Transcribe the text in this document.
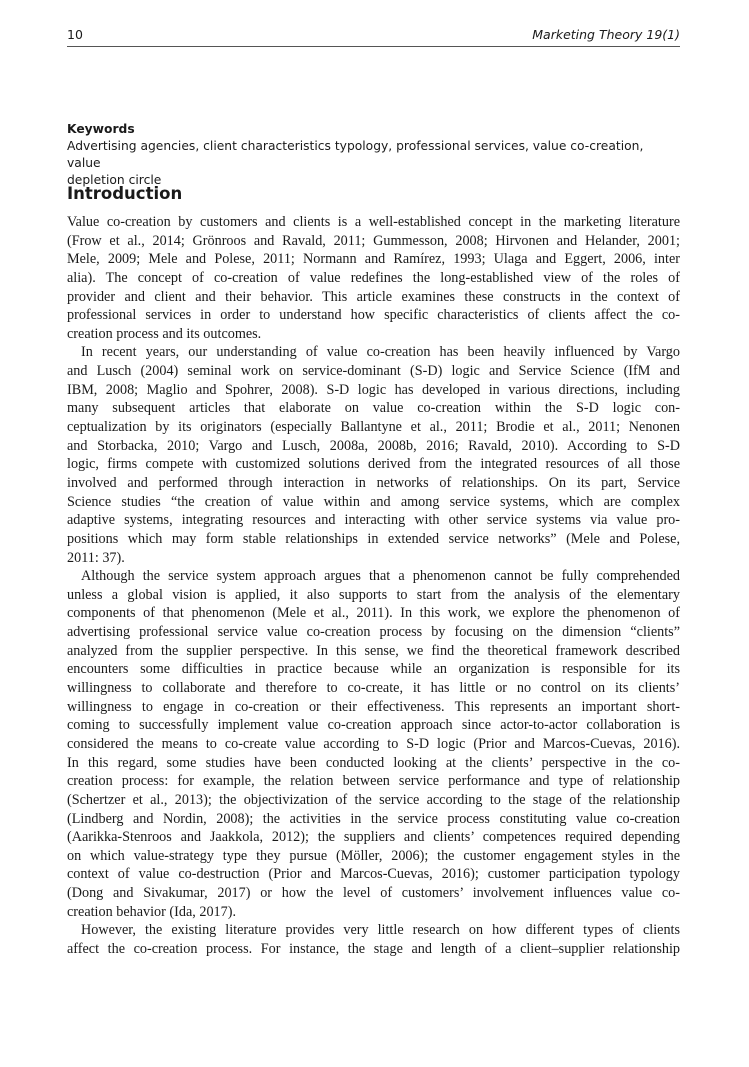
10	Marketing Theory 19(1)
Keywords
Advertising agencies, client characteristics typology, professional services, value co-creation, value
depletion circle
Introduction
Value co-creation by customers and clients is a well-established concept in the marketing literature
(Frow et al., 2014; Grönroos and Ravald, 2011; Gummesson, 2008; Hirvonen and Helander, 2001;
Mele, 2009; Mele and Polese, 2011; Normann and Ramírez, 1993; Ulaga and Eggert, 2006, inter
alia). The concept of co-creation of value redefines the long-established view of the roles of
provider and client and their behavior. This article examines these constructs in the context of
professional services in order to understand how specific characteristics of clients affect the co-
creation process and its outcomes.
In recent years, our understanding of value co-creation has been heavily influenced by Vargo
and Lusch (2004) seminal work on service-dominant (S-D) logic and Service Science (IfM and
IBM, 2008; Maglio and Spohrer, 2008). S-D logic has developed in various directions, including
many subsequent articles that elaborate on value co-creation within the S-D logic con-
ceptualization by its originators (especially Ballantyne et al., 2011; Brodie et al., 2011; Nenonen
and Storbacka, 2010; Vargo and Lusch, 2008a, 2008b, 2016; Ravald, 2010). According to S-D
logic, firms compete with customized solutions derived from the integrated resources of all those
involved and performed through interaction in networks of relationships. On its part, Service
Science studies “the creation of value within and among service systems, which are complex
adaptive systems, integrating resources and interacting with other service systems via value pro-
positions which may form stable relationships in extended service networks” (Mele and Polese,
2011: 37).
Although the service system approach argues that a phenomenon cannot be fully comprehended
unless a global vision is applied, it also supports to start from the analysis of the elementary
components of that phenomenon (Mele et al., 2011). In this work, we explore the phenomenon of
advertising professional service value co-creation process by focusing on the dimension “clients”
analyzed from the supplier perspective. In this sense, we find the theoretical framework described
encounters some difficulties in practice because while an organization is responsible for its
willingness to collaborate and therefore to co-create, it has little or no control on its clients’
willingness to engage in co-creation or their effectiveness. This represents an important short-
coming to successfully implement value co-creation approach since actor-to-actor collaboration is
considered the means to co-create value according to S-D logic (Prior and Marcos-Cuevas, 2016).
In this regard, some studies have been conducted looking at the clients’ perspective in the co-
creation process: for example, the relation between service performance and type of relationship
(Schertzer et al., 2013); the objectivization of the service according to the stage of the relationship
(Lindberg and Nordin, 2008); the activities in the service process constituting value co-creation
(Aarikka-Stenroos and Jaakkola, 2012); the suppliers and clients’ competences required depending
on which value-strategy type they pursue (Möller, 2006); the customer engagement styles in the
context of value co-destruction (Prior and Marcos-Cuevas, 2016); customer participation typology
(Dong and Sivakumar, 2017) or how the level of customers’ involvement influences value co-
creation behavior (Ida, 2017).
However, the existing literature provides very little research on how different types of clients
affect the co-creation process. For instance, the stage and length of a client–supplier relationship
